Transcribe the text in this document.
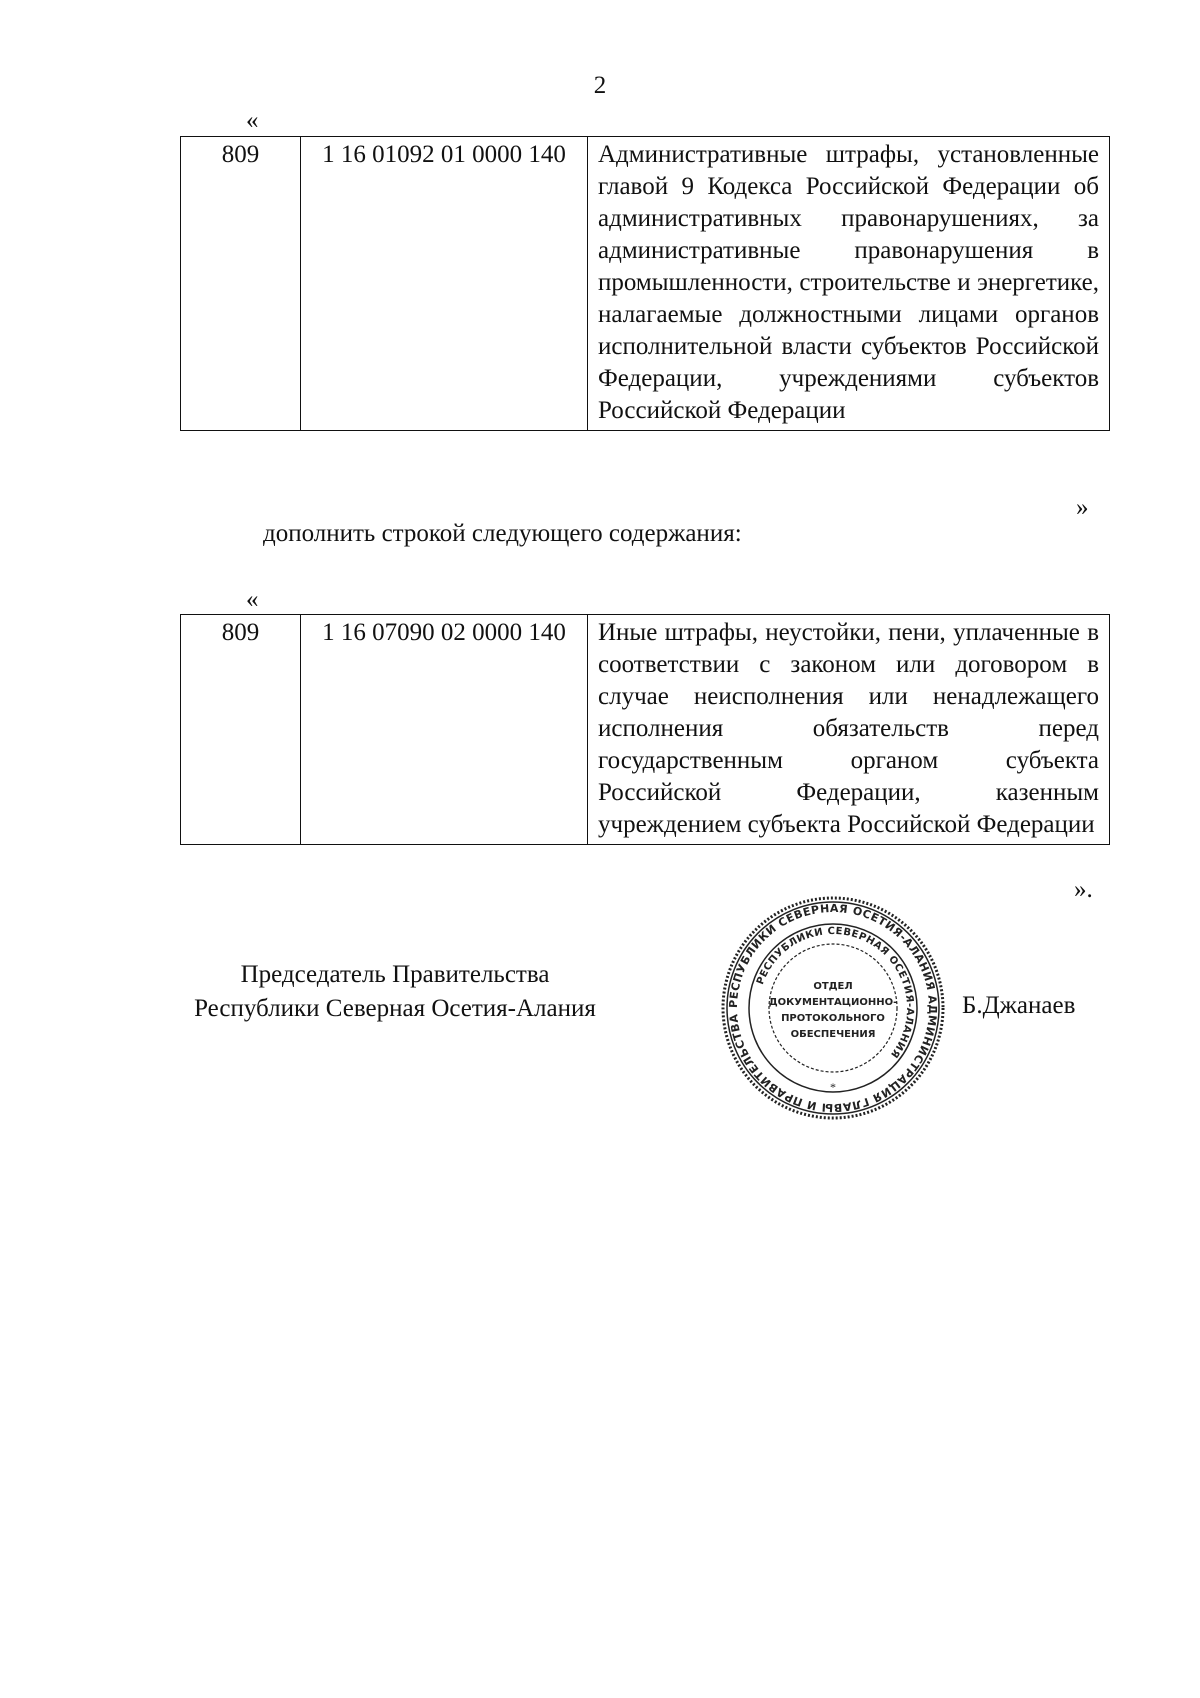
2
«
809	1 16 01092 01 0000 140	Административные штрафы, установленные главой 9 Кодекса Российской Федерации об административных правонарушениях, за административные правонарушения в промышленности, строительстве и энергетике, налагаемые должностными лицами органов исполнительной власти субъектов Российской Федерации, учреждениями субъектов Российской Федерации
»
дополнить строкой следующего содержания:
«
809	1 16 07090 02 0000 140	Иные штрафы, неустойки, пени, уплаченные в соответствии с законом или договором в случае неисполнения или ненадлежащего исполнения обязательств перед государственным органом субъекта Российской Федерации, казенным учреждением субъекта Российской Федерации
».
Председатель Правительства
Республики Северная Осетия-Алания	РЕСПУБЛИКИ СЕВЕРНАЯ ОСЕТИЯ-АЛАНИЯ АДМИНИСТРАЦИЯ ГЛАВЫ И ПРАВИТЕЛЬСТВА
РЕСПУБЛИКИ СЕВЕРНАЯ ОСЕТИЯ-АЛАНИЯ
ОТДЕЛ
ДОКУМЕНТАЦИОННО-
ПРОТОКОЛЬНОГО
ОБЕСПЕЧЕНИЯ
*
Б.Джанаев
